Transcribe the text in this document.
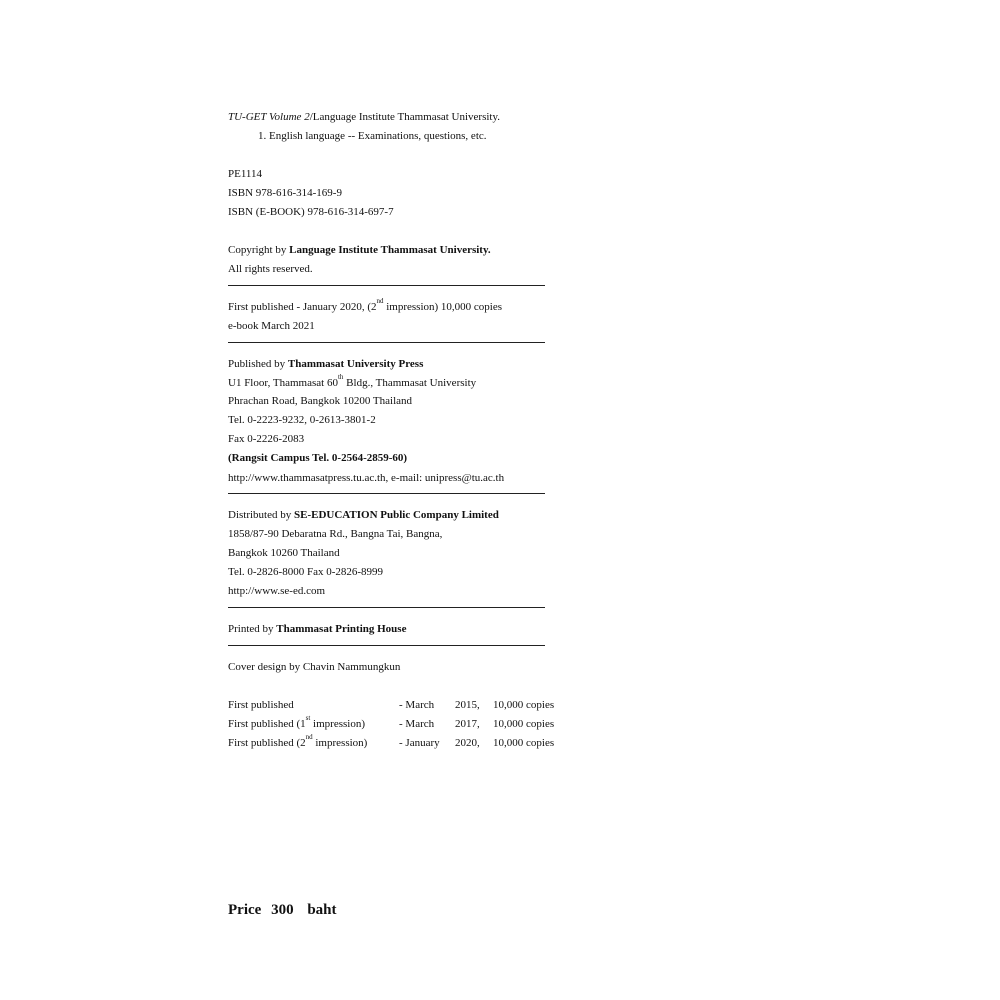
TU-GET Volume 2/Language Institute Thammasat University.
1. English language -- Examinations, questions, etc.
PE1114
ISBN 978-616-314-169-9
ISBN (E-BOOK) 978-616-314-697-7
Copyright by Language Institute Thammasat University.
All rights reserved.
First published - January 2020, (2nd impression) 10,000 copies
e-book March 2021
Published by Thammasat University Press
U1 Floor, Thammasat 60th Bldg., Thammasat University
Phrachan Road, Bangkok 10200 Thailand
Tel. 0-2223-9232, 0-2613-3801-2
Fax 0-2226-2083
(Rangsit Campus Tel. 0-2564-2859-60)
http://www.thammasatpress.tu.ac.th, e-mail: unipress@tu.ac.th
Distributed by SE-EDUCATION Public Company Limited
1858/87-90 Debaratna Rd., Bangna Tai, Bangna,
Bangkok 10260 Thailand
Tel. 0-2826-8000 Fax 0-2826-8999
http://www.se-ed.com
Printed by Thammasat Printing House
Cover design by Chavin Nammungkun
First published	- March 2015, 10,000 copies
First published (1st impression)	- March 2017, 10,000 copies
First published (2nd impression)	- January 2020, 10,000 copies
Price 300 baht
